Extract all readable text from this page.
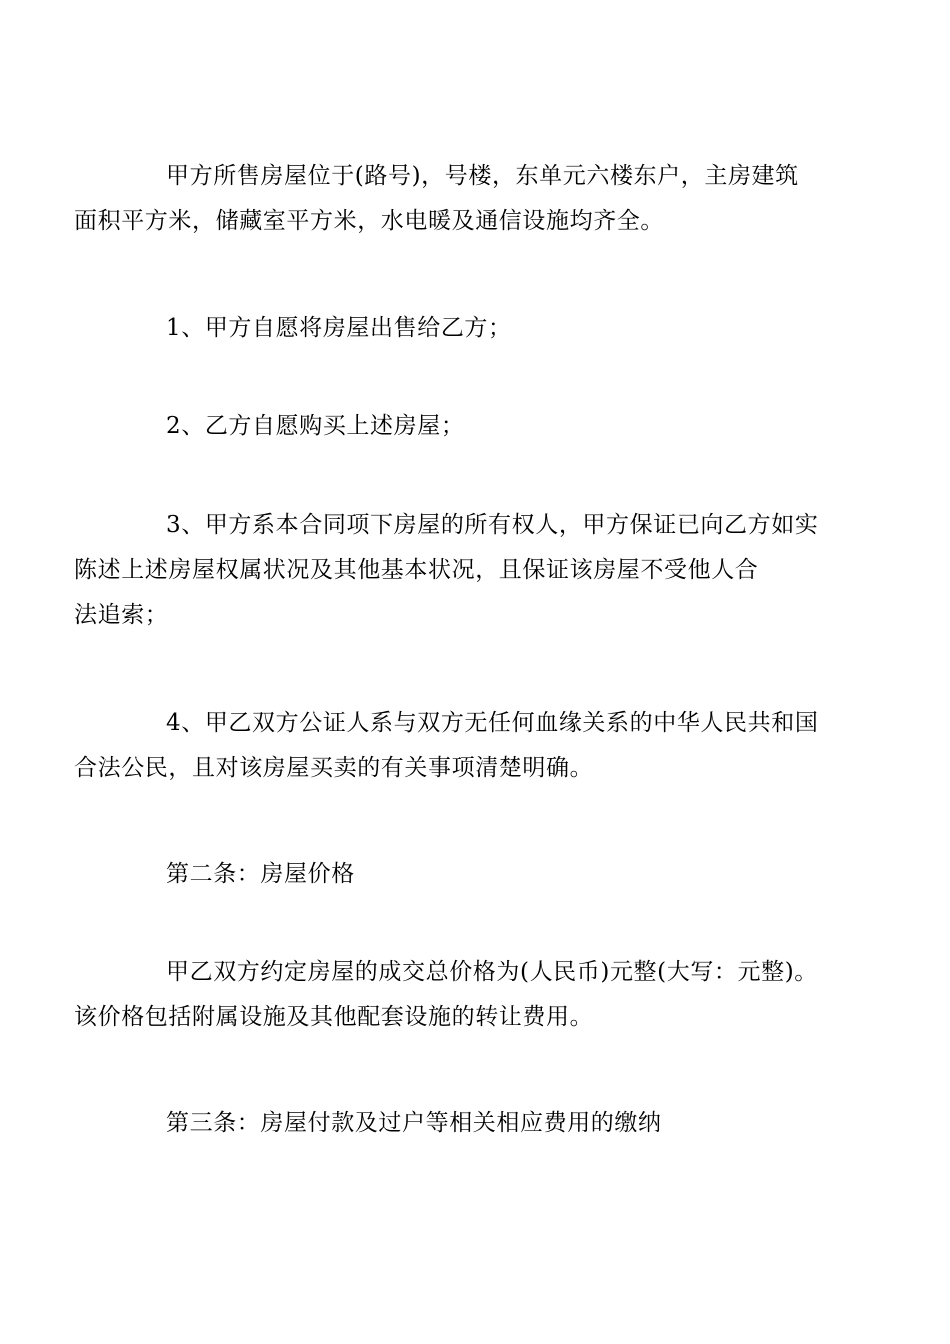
甲方所售房屋位于(路号)，号楼，东单元六楼东户，主房建筑
面积平方米，储藏室平方米，水电暖及通信设施均齐全。

1、甲方自愿将房屋出售给乙方；

2、乙方自愿购买上述房屋；

3、甲方系本合同项下房屋的所有权人，甲方保证已向乙方如实
陈述上述房屋权属状况及其他基本状况，且保证该房屋不受他人合
法追索；

4、甲乙双方公证人系与双方无任何血缘关系的中华人民共和国
合法公民，且对该房屋买卖的有关事项清楚明确。

第二条：房屋价格

甲乙双方约定房屋的成交总价格为(人民币)元整(大写：元整)。
该价格包括附属设施及其他配套设施的转让费用。

第三条：房屋付款及过户等相关相应费用的缴纳
